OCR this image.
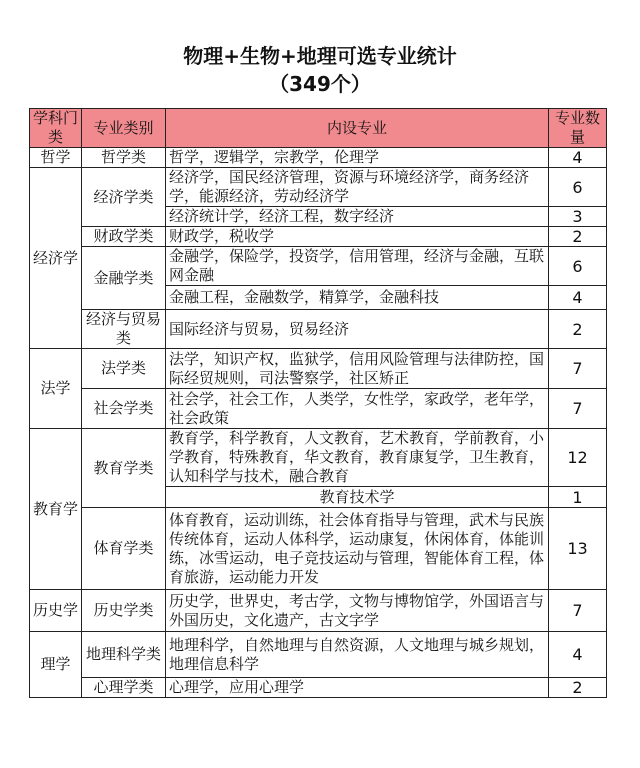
物理+生物+地理可选专业统计
（349个）
学科门类	专业类别	内设专业	专业数量
哲学	哲学类	哲学，逻辑学，宗教学，伦理学	4
经济学	经济学类	经济学，国民经济管理，资源与环境经济学，商务经济学，能源经济，劳动经济学	6
		经济统计学，经济工程，数字经济	3
	财政学类	财政学，税收学	2
	金融学类	金融学，保险学，投资学，信用管理，经济与金融，互联网金融	6
		金融工程，金融数学，精算学，金融科技	4
	经济与贸易类	国际经济与贸易，贸易经济	2
法学	法学类	法学，知识产权，监狱学，信用风险管理与法律防控，国际经贸规则，司法警察学，社区矫正	7
	社会学类	社会学，社会工作，人类学，女性学，家政学，老年学，社会政策	7
教育学	教育学类	教育学，科学教育，人文教育，艺术教育，学前教育，小学教育，特殊教育，华文教育，教育康复学，卫生教育，认知科学与技术，融合教育	12
		教育技术学	1
	体育学类	体育教育，运动训练，社会体育指导与管理，武术与民族传统体育，运动人体科学，运动康复，休闲体育，体能训练，冰雪运动，电子竞技运动与管理，智能体育工程，体育旅游，运动能力开发	13
历史学	历史学类	历史学，世界史，考古学，文物与博物馆学，外国语言与外国历史，文化遗产，古文字学	7
理学	地理科学类	地理科学，自然地理与自然资源，人文地理与城乡规划，地理信息科学	4
	心理学类	心理学，应用心理学	2
